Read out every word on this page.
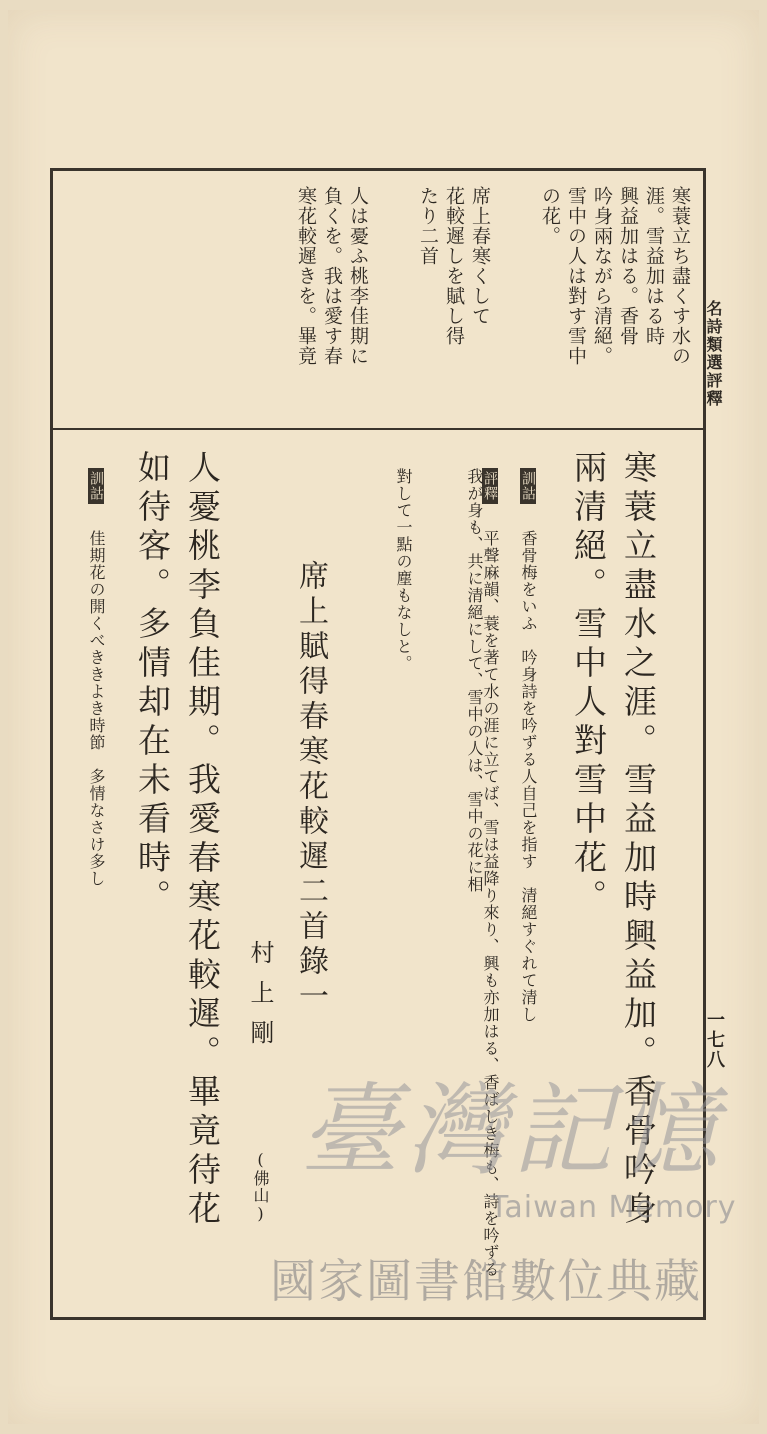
名詩類選評釋
一七八
寒蓑立ち盡くす水の
涯。雪益加はる時
興益加はる。香骨
吟身兩ながら清絕。
雪中の人は對す雪中
の花。
席上春寒くして
花較遲しを賦し得
たり二首
人は憂ふ桃李佳期に
負くを。我は愛す春
寒花較遲きを。畢竟
寒蓑立盡水之涯。雪益加時興益加。香骨吟身
兩清絕。雪中人對雪中花。
訓詁 香骨梅をいふ　吟身詩を吟ずる人自己を指す　清絕すぐれて清し
評釋 平聲麻韻、蓑を著て水の涯に立てば、雪は益降り來り、興も亦加はる、香ばしき梅も、詩を吟ずる我が身も、共に清絕にして、雪中の人は、雪中の花に相
對して一點の塵もなしと。
席上賦得春寒花較遲二首錄一
村上剛
(佛山)
人憂桃李負佳期。我愛春寒花較遲。畢竟待花
如待客。多情却在未看時。
訓詁 佳期花の開くべききよき時節　多情なさけ多し
臺灣記憶
Taiwan Memory
國家圖書館數位典藏
